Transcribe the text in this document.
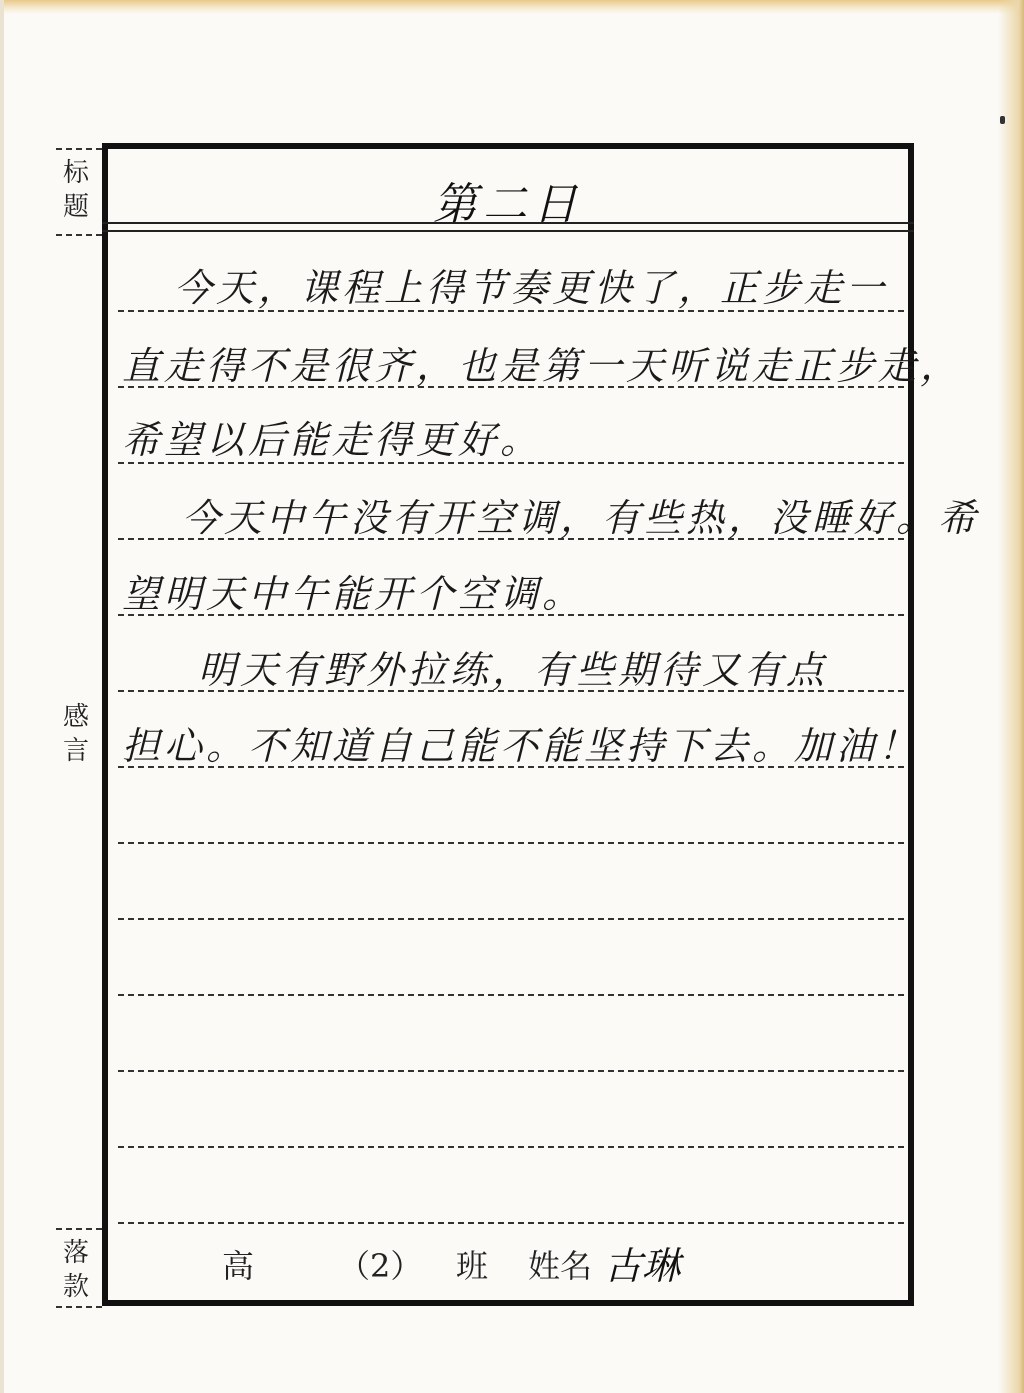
标
题
感
言
落
款
第二日
今天，课程上得节奏更快了，正步走一
直走得不是很齐，也是第一天听说走正步走，
希望以后能走得更好。
今天中午没有开空调，有些热，没睡好。希
望明天中午能开个空调。
明天有野外拉练，有些期待又有点
担心。不知道自己能不能坚持下去。加油！
高	（2） 班 姓名 古琳
